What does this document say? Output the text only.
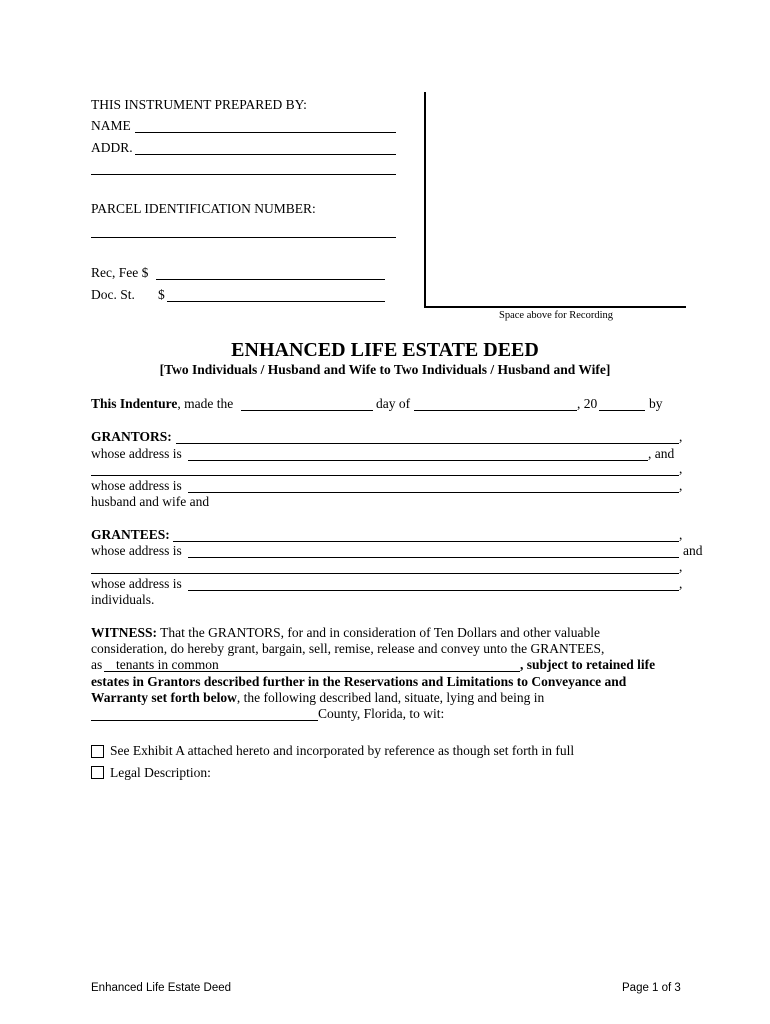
THIS INSTRUMENT PREPARED BY:
NAME
ADDR.
PARCEL IDENTIFICATION NUMBER:
Rec, Fee $
Doc. St. $
Space above for Recording
ENHANCED LIFE ESTATE DEED
[Two Individuals / Husband and Wife to Two Individuals / Husband and Wife]
This Indenture, made the	day of	, 20	by
GRANTORS:	,
whose address is	, and
,
whose address is	,
husband and wife and
GRANTEES:	,
whose address is	and
,
whose address is	,
individuals.
WITNESS: That the GRANTORS, for and in consideration of Ten Dollars and other valuable
consideration, do hereby grant, bargain, sell, remise, release and convey unto the GRANTEES,
as tenants in common	, subject to retained life
estates in Grantors described further in the Reservations and Limitations to Conveyance and
Warranty set forth below, the following described land, situate, lying and being in
County, Florida, to wit:
See Exhibit A attached hereto and incorporated by reference as though set forth in full
Legal Description:
Enhanced Life Estate Deed	Page 1 of 3
